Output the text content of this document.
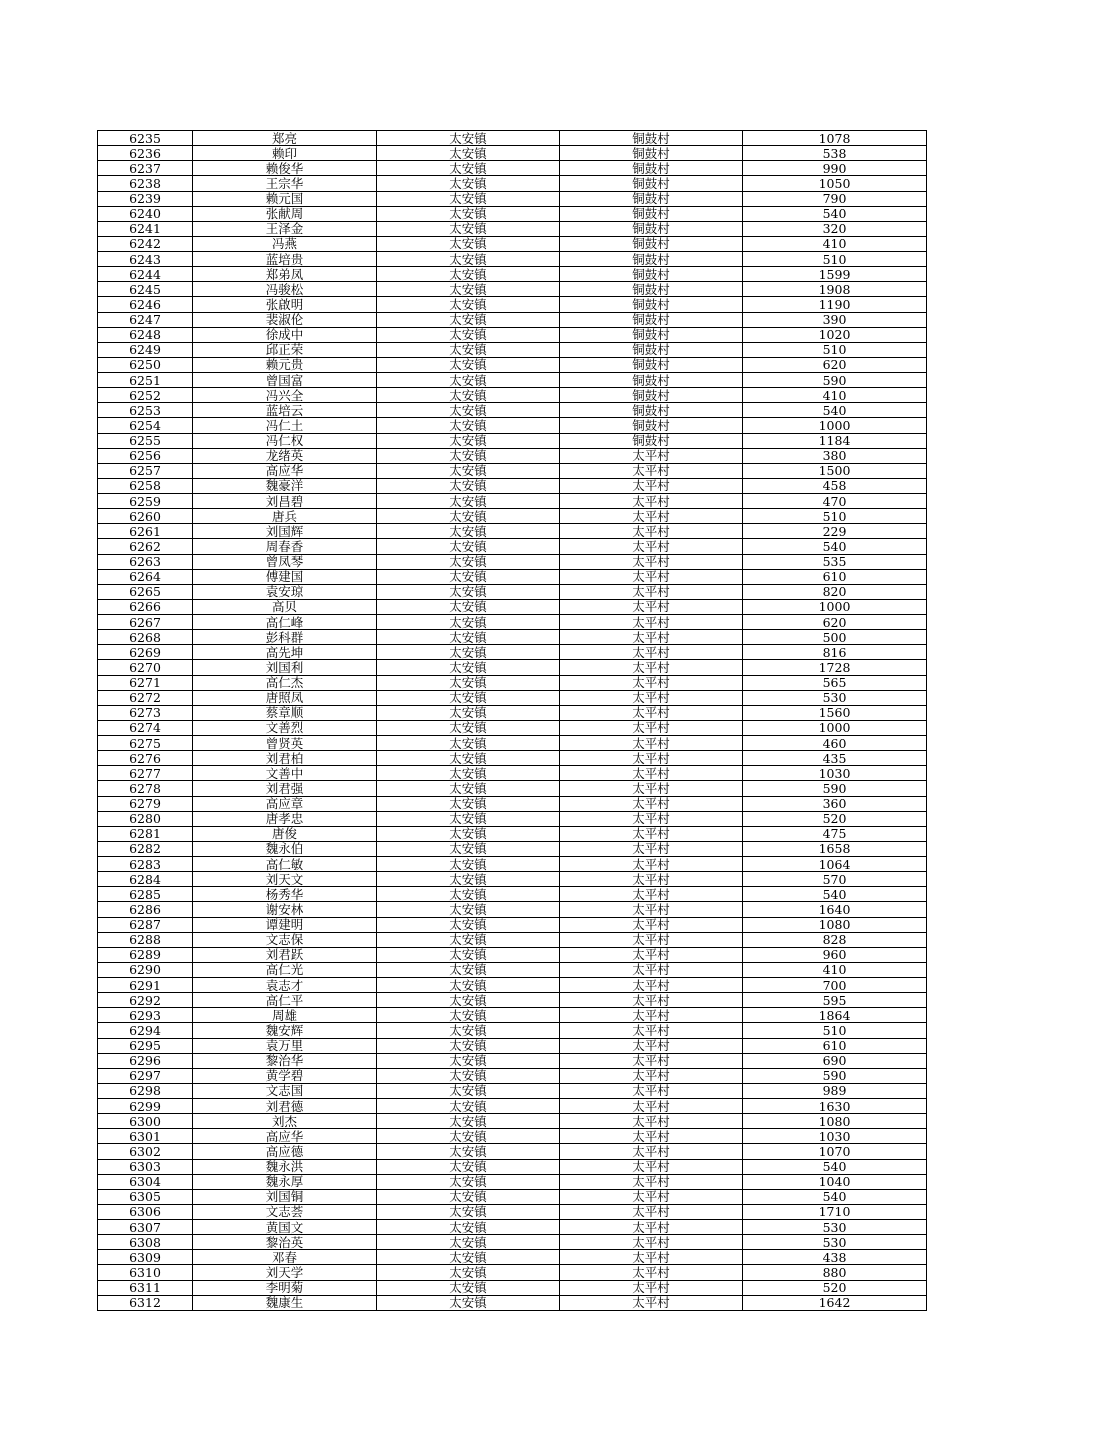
6235	郑亮	太安镇	铜鼓村	1078
6236	赖印	太安镇	铜鼓村	538
6237	赖俊华	太安镇	铜鼓村	990
6238	王宗华	太安镇	铜鼓村	1050
6239	赖元国	太安镇	铜鼓村	790
6240	张献周	太安镇	铜鼓村	540
6241	王泽金	太安镇	铜鼓村	320
6242	冯燕	太安镇	铜鼓村	410
6243	蓝培贵	太安镇	铜鼓村	510
6244	郑弟凤	太安镇	铜鼓村	1599
6245	冯骏松	太安镇	铜鼓村	1908
6246	张啟明	太安镇	铜鼓村	1190
6247	裴淑伦	太安镇	铜鼓村	390
6248	徐成中	太安镇	铜鼓村	1020
6249	邱正荣	太安镇	铜鼓村	510
6250	赖元贵	太安镇	铜鼓村	620
6251	曾国富	太安镇	铜鼓村	590
6252	冯兴全	太安镇	铜鼓村	410
6253	蓝培云	太安镇	铜鼓村	540
6254	冯仁土	太安镇	铜鼓村	1000
6255	冯仁权	太安镇	铜鼓村	1184
6256	龙绪英	太安镇	太平村	380
6257	高应华	太安镇	太平村	1500
6258	魏豪洋	太安镇	太平村	458
6259	刘昌碧	太安镇	太平村	470
6260	唐兵	太安镇	太平村	510
6261	刘国辉	太安镇	太平村	229
6262	周春香	太安镇	太平村	540
6263	曾凤琴	太安镇	太平村	535
6264	傅建国	太安镇	太平村	610
6265	袁安琼	太安镇	太平村	820
6266	高贝	太安镇	太平村	1000
6267	高仁峰	太安镇	太平村	620
6268	彭科群	太安镇	太平村	500
6269	高先坤	太安镇	太平村	816
6270	刘国利	太安镇	太平村	1728
6271	高仁杰	太安镇	太平村	565
6272	唐照凤	太安镇	太平村	530
6273	蔡章顺	太安镇	太平村	1560
6274	文善烈	太安镇	太平村	1000
6275	曾贤英	太安镇	太平村	460
6276	刘君柏	太安镇	太平村	435
6277	文善中	太安镇	太平村	1030
6278	刘君强	太安镇	太平村	590
6279	高应章	太安镇	太平村	360
6280	唐孝忠	太安镇	太平村	520
6281	唐俊	太安镇	太平村	475
6282	魏永伯	太安镇	太平村	1658
6283	高仁敏	太安镇	太平村	1064
6284	刘天文	太安镇	太平村	570
6285	杨秀华	太安镇	太平村	540
6286	谢安林	太安镇	太平村	1640
6287	谭建明	太安镇	太平村	1080
6288	文志保	太安镇	太平村	828
6289	刘君跃	太安镇	太平村	960
6290	高仁光	太安镇	太平村	410
6291	袁志才	太安镇	太平村	700
6292	高仁平	太安镇	太平村	595
6293	周雄	太安镇	太平村	1864
6294	魏安辉	太安镇	太平村	510
6295	袁万里	太安镇	太平村	610
6296	黎治华	太安镇	太平村	690
6297	黄学碧	太安镇	太平村	590
6298	文志国	太安镇	太平村	989
6299	刘君德	太安镇	太平村	1630
6300	刘杰	太安镇	太平村	1080
6301	高应华	太安镇	太平村	1030
6302	高应德	太安镇	太平村	1070
6303	魏永洪	太安镇	太平村	540
6304	魏永厚	太安镇	太平村	1040
6305	刘国铜	太安镇	太平村	540
6306	文志荟	太安镇	太平村	1710
6307	黄国文	太安镇	太平村	530
6308	黎治英	太安镇	太平村	530
6309	邓春	太安镇	太平村	438
6310	刘天学	太安镇	太平村	880
6311	李明菊	太安镇	太平村	520
6312	魏康生	太安镇	太平村	1642
